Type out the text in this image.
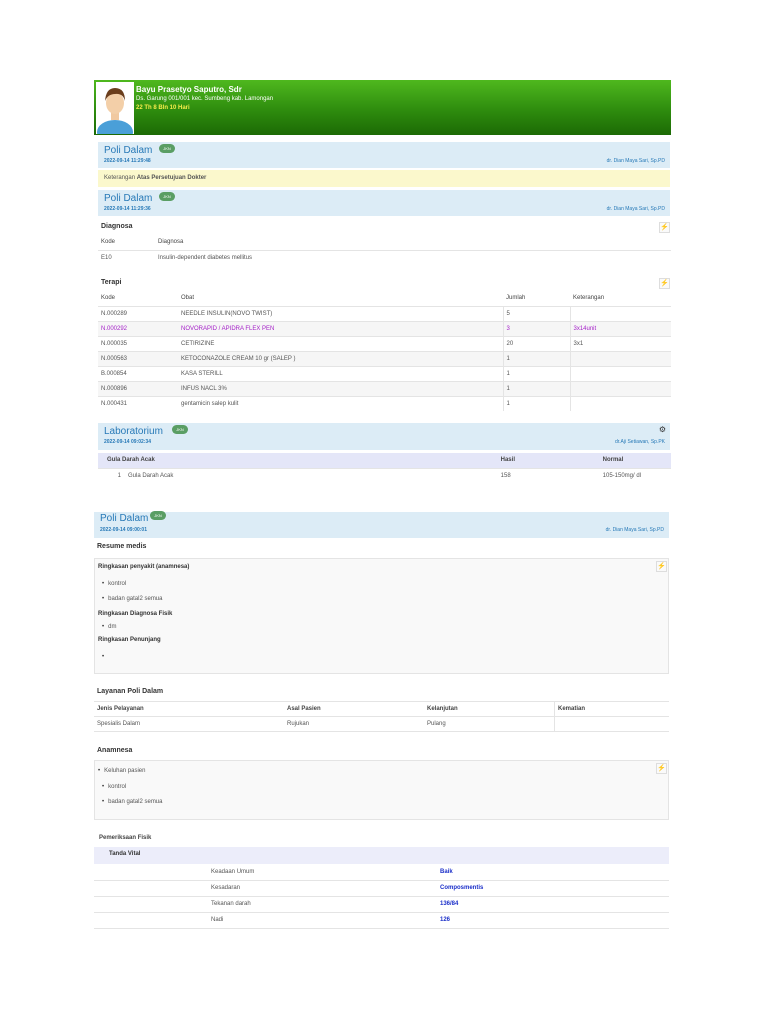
Bayu Prasetyo Saputro, Sdr
Ds. Garung 001/001 kec. Sumbeng kab. Lamongan
22 Th 8 Bln 10 Hari
Poli Dalam	JKN
2022-09-14 11:29:48	dr. Dian Maya Sari, Sp.PD
Keterangan Atas Persetujuan Dokter
Poli Dalam	JKN
2022-09-14 11:29:36	dr. Dian Maya Sari, Sp.PD
Diagnosa	⚡
Kode	Diagnosa
E10	Insulin-dependent diabetes mellitus
Terapi	⚡
Kode	Obat	Jumlah	Keterangan
N.000289	NEEDLE INSULIN(NOVO TWIST)	5	
N.000292	NOVORAPID / APIDRA FLEX PEN	3	3x14unit
N.000035	CETIRIZINE	20	3x1
N.000563	KETOCONAZOLE CREAM 10 gr (SALEP )	1	
B.000854	KASA STERILL	1	
N.000896	INFUS NACL 3%	1	
N.000431	gentamicin salep kulit	1	
Laboratorium	JKN
2022-09-14 09:02:34	dr.Aji Setiawan, Sp.PK
⚙
Gula Darah Acak		Hasil	Normal
1	Gula Darah Acak	158	105-150mg/ dl
Poli Dalam	JKN
2022-09-14 09:00:01	dr. Dian Maya Sari, Sp.PD
Resume medis
Ringkasan penyakit (anamnesa)	⚡
• kontrol
• badan gatal2 semua
Ringkasan Diagnosa Fisik
• dm
Ringkasan Penunjang
•
Layanan Poli Dalam
Jenis Pelayanan	Asal Pasien	Kelanjutan	Kematian
Spesialis Dalam	Rujukan	Pulang	
Anamnesa
• Keluhan pasien	⚡
• kontrol
• badan gatal2 semua
Pemeriksaan Fisik
Tanda Vital
	Keadaan Umum	Baik
	Kesadaran	Composmentis
	Tekanan darah	136/84
	Nadi	126
